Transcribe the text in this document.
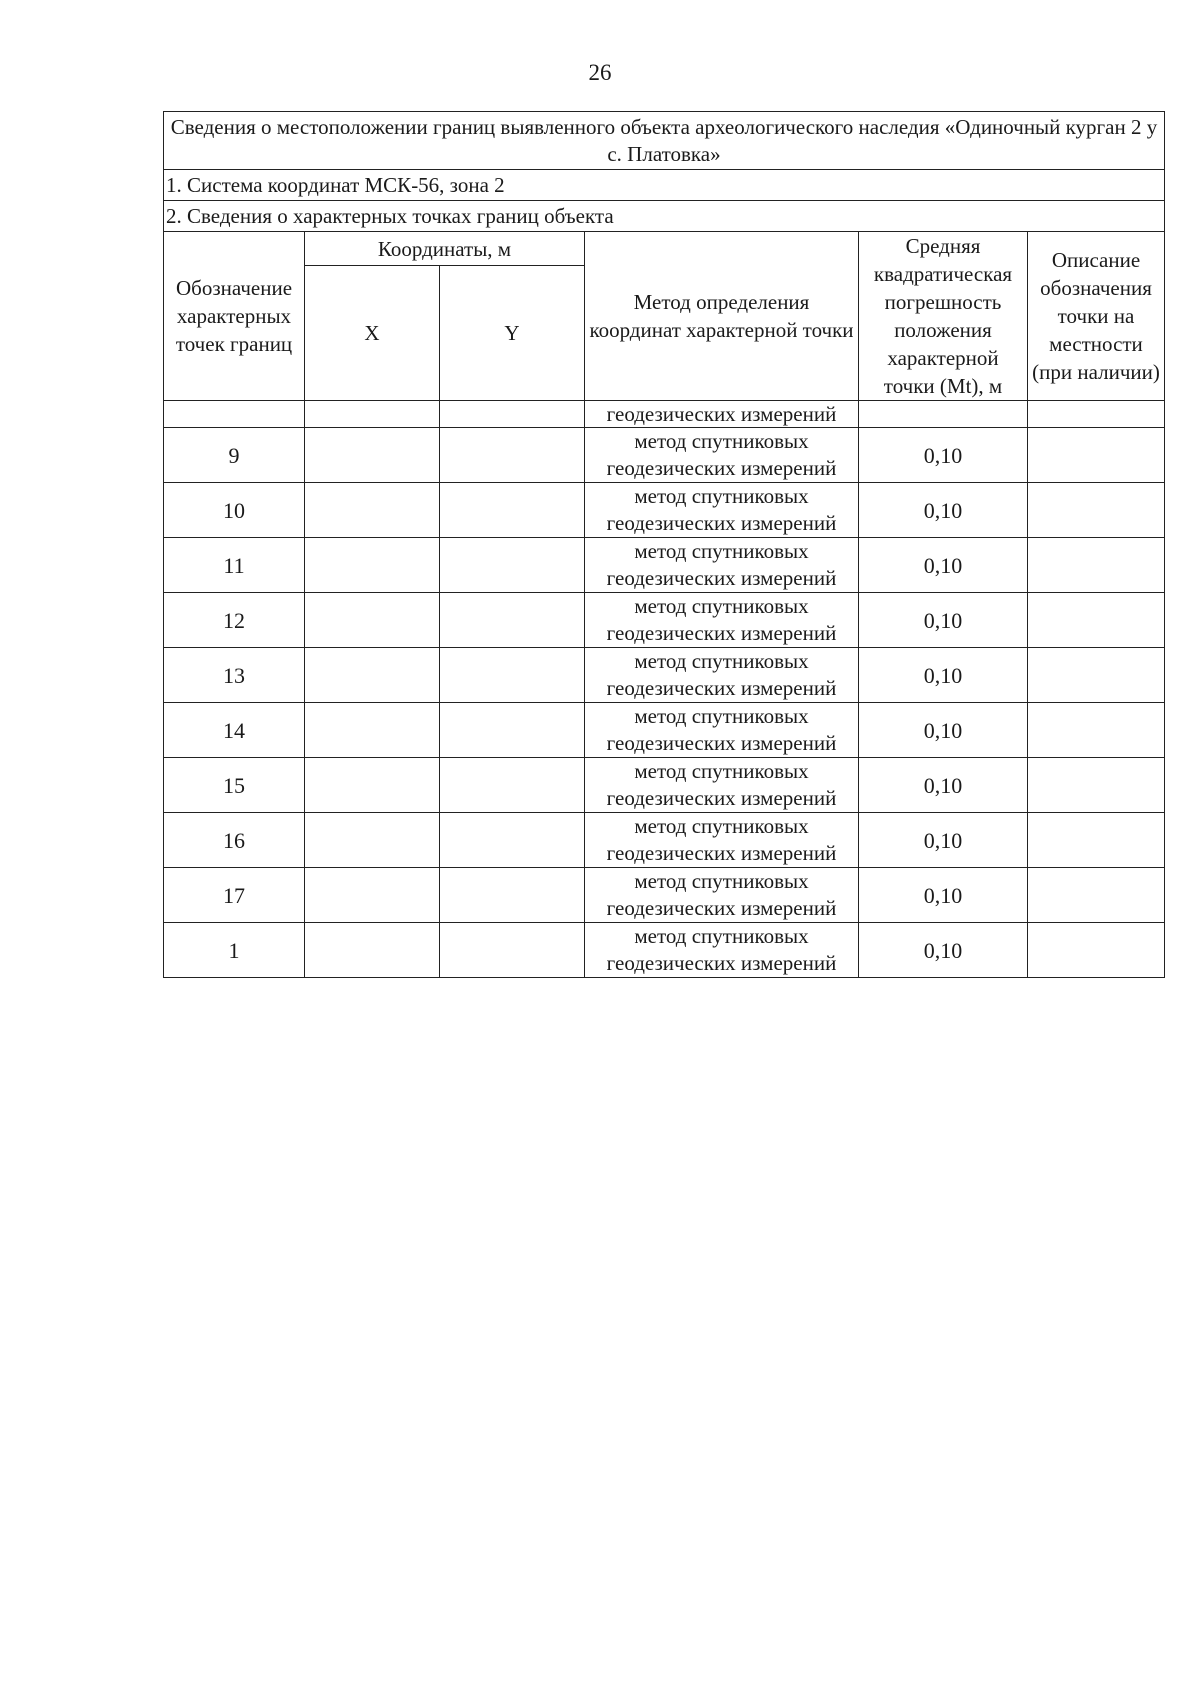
26
Сведения о местоположении границ выявленного объекта археологического наследия «Одиночный курган 2 у с. Платовка»					
1. Система координат МСК-56, зона 2					
2. Сведения о характерных точках границ объекта					
Обозначение характерных точек границ	Координаты, м		Метод определения координат характерной точки	Средняя квадратическая погрешность положения характерной точки (Mt), м	Описание обозначения точки на местности (при наличии)
	X	Y			
			геодезических измерений		
9			метод спутниковых геодезических измерений	0,10	
10			метод спутниковых геодезических измерений	0,10	
11			метод спутниковых геодезических измерений	0,10	
12			метод спутниковых геодезических измерений	0,10	
13			метод спутниковых геодезических измерений	0,10	
14			метод спутниковых геодезических измерений	0,10	
15			метод спутниковых геодезических измерений	0,10	
16			метод спутниковых геодезических измерений	0,10	
17			метод спутниковых геодезических измерений	0,10	
1			метод спутниковых геодезических измерений	0,10	
